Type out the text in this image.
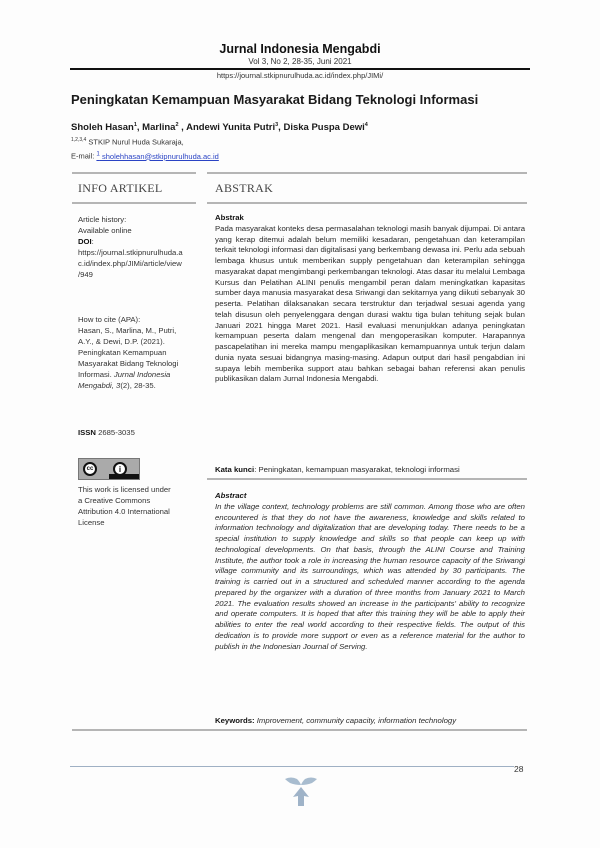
Jurnal Indonesia Mengabdi
Vol 3, No 2, 28-35, Juni 2021
https://journal.stkipnurulhuda.ac.id/index.php/JIMi/
Peningkatan Kemampuan Masyarakat Bidang Teknologi Informasi
Sholeh Hasan$^1$, Marlina$^2$ , Andewi Yunita Putri$^3$, Diska Puspa Dewi$^4$
$^{1,2,3,4}$ STKIP Nurul Huda Sukaraja,
E-mail: $^1$ sholehhasan@stkipnurulhuda.ac.id
INFO ARTIKEL	ABSTRAK
Article history:
Available online
DOI:
https://journal.stkipnurulhuda.a
c.id/index.php/JIMi/article/view
/949
How to cite (APA):
Hasan, S., Marlina, M., Putri,
A.Y., & Dewi, D.P. (2021).
Peningkatan Kemampuan
Masyarakat Bidang Teknologi
Informasi. Jurnal Indonesia
Mengabdi, 3(2), 28-35.
ISSN 2685-3035
cc	i
This work is licensed under
a Creative Commons
Attribution 4.0 International
License
Abstrak
Pada masyarakat konteks desa permasalahan teknologi masih banyak dijumpai. Di antara yang kerap ditemui adalah belum memiliki kesadaran, pengetahuan dan keterampilan terkait teknologi informasi dan digitalisasi yang berkembang dewasa ini. Perlu ada sebuah lembaga khusus untuk memberikan supply pengetahuan dan keterampilan sehingga masyarakat dapat mengimbangi perkembangan teknologi. Atas dasar itu melalui Lembaga Kursus dan Pelatihan ALINI penulis mengambil peran dalam meningkatkan kapasitas sumber daya manusia masyarakat desa Sriwangi dan sekitarnya yang diikuti sebanyak 30 peserta. Pelatihan dilaksanakan secara terstruktur dan terjadwal sesuai agenda yang telah disusun oleh penyelenggara dengan durasi waktu tiga bulan tehitung sejak bulan Januari 2021 hingga Maret 2021. Hasil evaluasi menunjukkan adanya peningkatan kemampuan peserta dalam mengenal dan mengoperasikan komputer. Harapannya pascapelatihan ini mereka mampu mengaplikasikan kemampuannya untuk terjun dalam dunia nyata sesuai bidangnya masing-masing. Adapun output dari hasil pengabdian ini supaya lebih memberika support atau bahkan sebagai bahan referensi akan penulis publikasikan dalam Jurnal Indonesia Mengabdi.
Kata kunci: Peningkatan, kemampuan masyarakat, teknologi informasi
Abstract
In the village context, technology problems are still common. Among those who are often encountered is that they do not have the awareness, knowledge and skills related to information technology and digitalization that are developing today. There needs to be a special institution to supply knowledge and skills so that people can keep up with technological developments. On that basis, through the ALINI Course and Training Institute, the author took a role in increasing the human resource capacity of the Sriwangi village community and its surroundings, which was attended by 30 participants. The training is carried out in a structured and scheduled manner according to the agenda prepared by the organizer with a duration of three months from January 2021 to March 2021. The evaluation results showed an increase in the participants' ability to recognize and operate computers. It is hoped that after this training they will be able to apply their abilities to enter the real world according to their respective fields. The output of this dedication is to provide more support or even as a reference material for the author to publish in the Indonesian Journal of Serving.
Keywords: Improvement, community capacity, information technology
28
